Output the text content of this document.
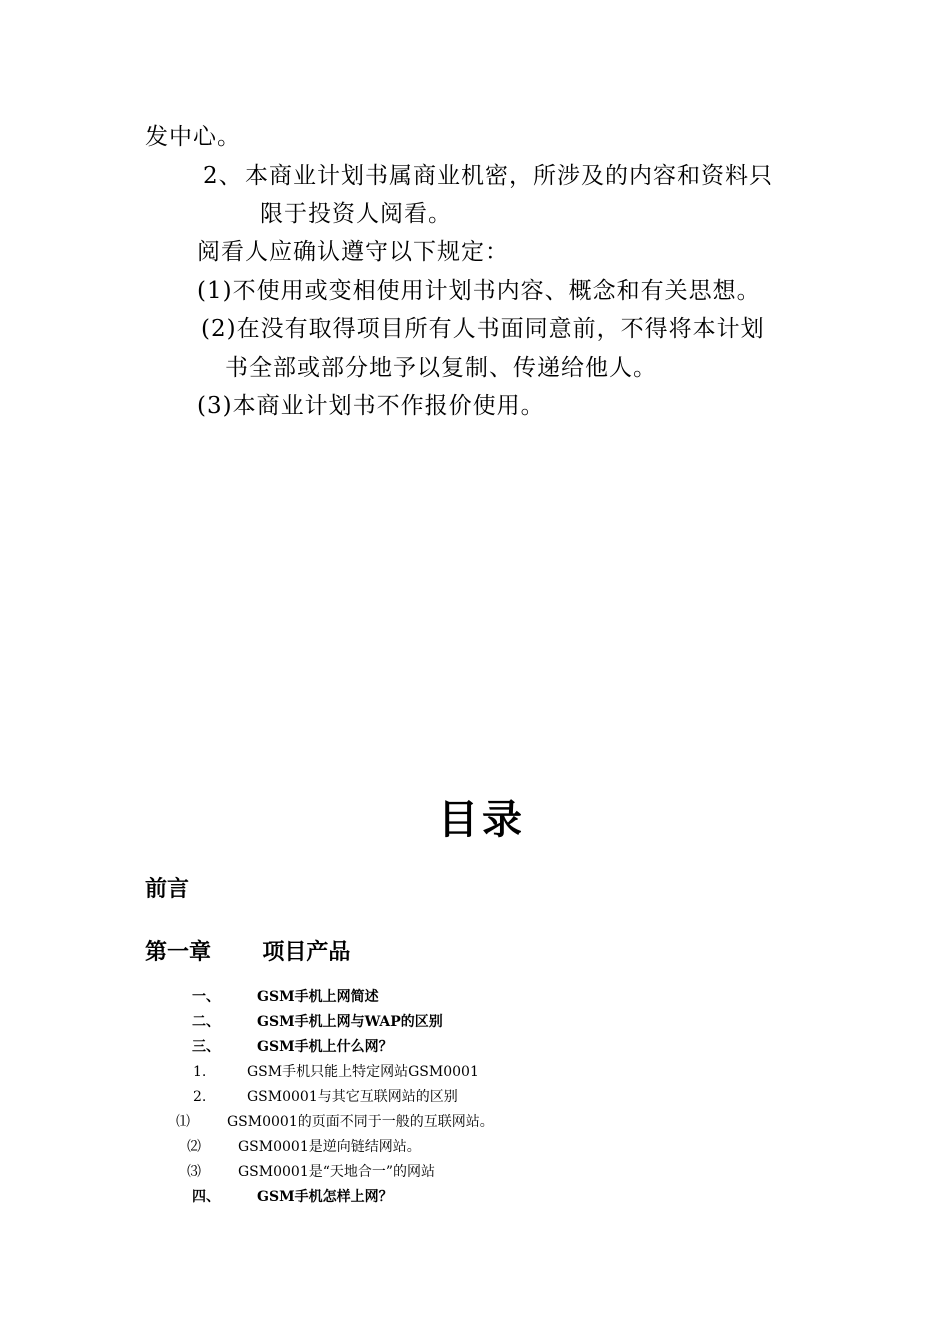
发中心。

2、 本商业计划书属商业机密，所涉及的内容和资料只

限于投资人阅看。

阅看人应确认遵守以下规定：

(1)不使用或变相使用计划书内容、概念和有关思想。

(2)在没有取得项目所有人书面同意前，不得将本计划

书全部或部分地予以复制、传递给他人。

(3)本商业计划书不作报价使用。

目录
前言
第一章 项目产品
一、	GSM手机上网简述
二、	GSM手机上网与WAP的区别
三、	GSM手机上什么网？
1.	GSM手机只能上特定网站GSM0001
2.	GSM0001与其它互联网站的区别
⑴	GSM0001的页面不同于一般的互联网站。
⑵	GSM0001是逆向链结网站。
⑶	GSM0001是“天地合一”的网站
四、	GSM手机怎样上网？
